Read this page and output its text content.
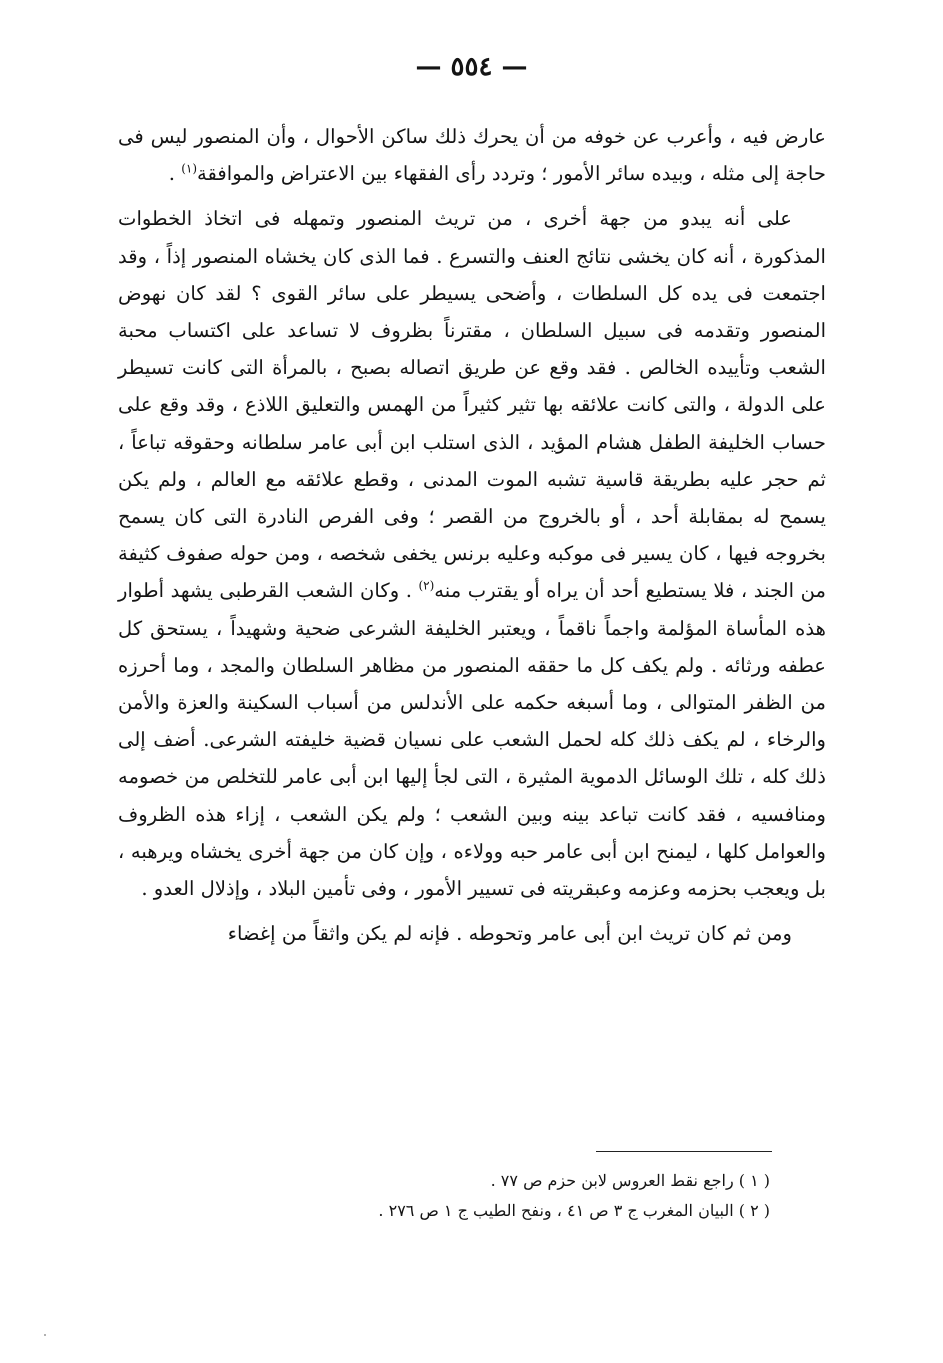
— ٥٥٤ —

عارض فيه ، وأعرب عن خوفه من أن يحرك ذلك ساكن الأحوال ، وأن المنصور ليس فى حاجة إلى مثله ، وبيده سائر الأمور ؛ وتردد رأى الفقهاء بين الاعتراض والموافقة$^{(١)}$ .

على أنه يبدو من جهة أخرى ، من تريث المنصور وتمهله فى اتخاذ الخطوات المذكورة ، أنه كان يخشى نتائج العنف والتسرع . فما الذى كان يخشاه المنصور إذاً ، وقد اجتمعت فى يده كل السلطات ، وأضحى يسيطر على سائر القوى ؟ لقد كان نهوض المنصور وتقدمه فى سبيل السلطان ، مقترناً بظروف لا تساعد على اكتساب محبة الشعب وتأييده الخالص . فقد وقع عن طريق اتصاله بصبح ، بالمرأة التى كانت تسيطر على الدولة ، والتى كانت علائقه بها تثير كثيراً من الهمس والتعليق اللاذع ، وقد وقع على حساب الخليفة الطفل هشام المؤيد ، الذى استلب ابن أبى عامر سلطانه وحقوقه تباعاً ، ثم حجر عليه بطريقة قاسية تشبه الموت المدنى ، وقطع علائقه مع العالم ، ولم يكن يسمح له بمقابلة أحد ، أو بالخروج من القصر ؛ وفى الفرص النادرة التى كان يسمح بخروجه فيها ، كان يسير فى موكبه وعليه برنس يخفى شخصه ، ومن حوله صفوف كثيفة من الجند ، فلا يستطيع أحد أن يراه أو يقترب منه$^{(٢)}$ . وكان الشعب القرطبى يشهد أطوار هذه المأساة المؤلمة واجماً ناقماً ، ويعتبر الخليفة الشرعى ضحية وشهيداً ، يستحق كل عطفه ورثائه . ولم يكف كل ما حققه المنصور من مظاهر السلطان والمجد ، وما أحرزه من الظفر المتوالى ، وما أسبغه حكمه على الأندلس من أسباب السكينة والعزة والأمن والرخاء ، لم يكف ذلك كله لحمل الشعب على نسيان قضية خليفته الشرعى. أضف إلى ذلك كله ، تلك الوسائل الدموية المثيرة ، التى لجأ إليها ابن أبى عامر للتخلص من خصومه ومنافسيه ، فقد كانت تباعد بينه وبين الشعب ؛ ولم يكن الشعب ، إزاء هذه الظروف والعوامل كلها ، ليمنح ابن أبى عامر حبه وولاءه ، وإن كان من جهة أخرى يخشاه ويرهبه ، بل ويعجب بحزمه وعزمه وعبقريته فى تسيير الأمور ، وفى تأمين البلاد ، وإذلال العدو .

ومن ثم كان تريث ابن أبى عامر وتحوطه . فإنه لم يكن واثقاً من إغضاء

( ١ ) راجع نقط العروس لابن حزم ص ٧٧ .
( ٢ ) البيان المغرب ج ٣ ص ٤١ ، ونفح الطيب ج ١ ص ٢٧٦ .
